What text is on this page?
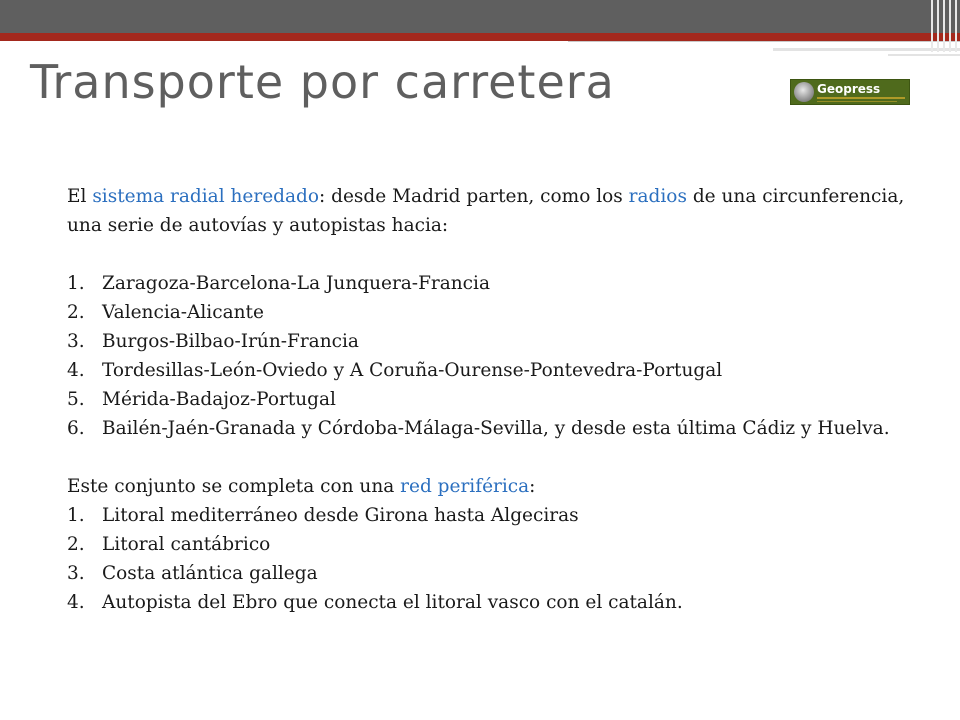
Transporte por carretera	Geopress

El sistema radial heredado: desde Madrid parten, como los radios de una circunferencia, una serie de autovías y autopistas hacia:

1. Zaragoza-Barcelona-La Junquera-Francia
2. Valencia-Alicante
3. Burgos-Bilbao-Irún-Francia
4. Tordesillas-León-Oviedo y A Coruña-Ourense-Pontevedra-Portugal
5. Mérida-Badajoz-Portugal
6. Bailén-Jaén-Granada y Córdoba-Málaga-Sevilla, y desde esta última Cádiz y Huelva.

Este conjunto se completa con una red periférica:

1. Litoral mediterráneo desde Girona hasta Algeciras
2. Litoral cantábrico
3. Costa atlántica gallega
4. Autopista del Ebro que conecta el litoral vasco con el catalán.
